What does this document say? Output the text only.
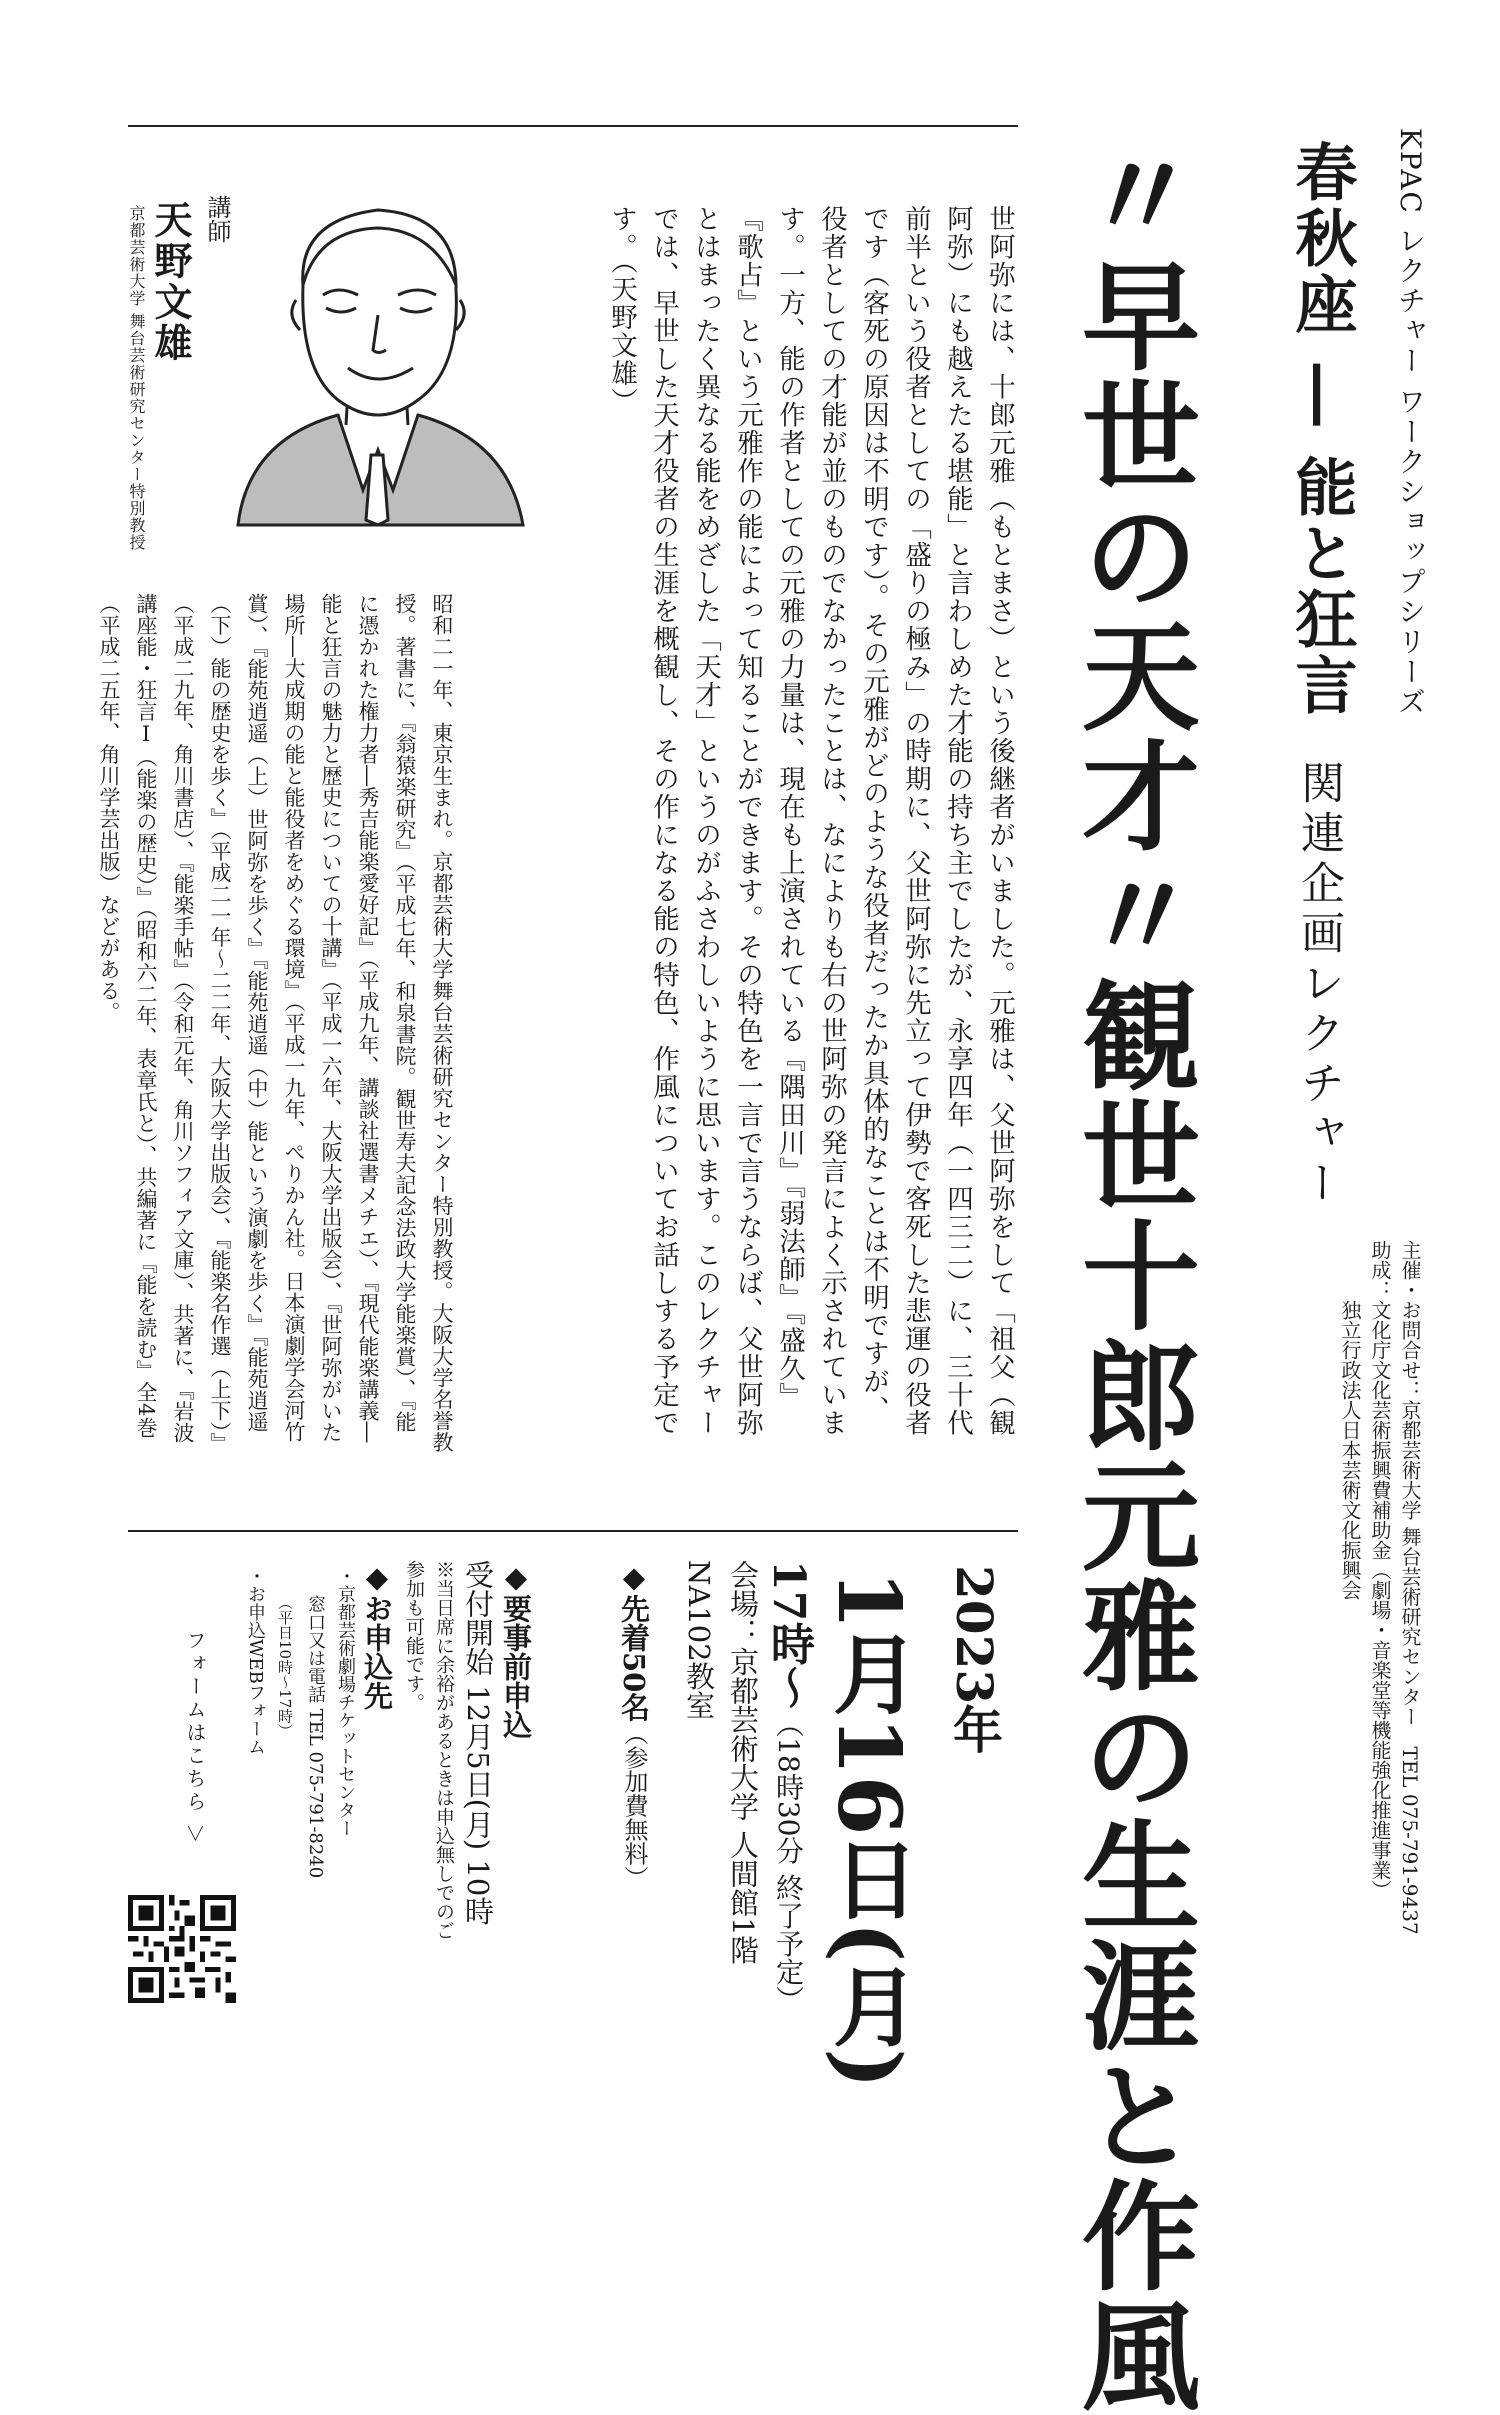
KPAC レクチャー ワークショップシリーズ
春秋座 ― 能と狂言
関連企画レクチャー
〃早世の天才〃観世十郎元雅の生涯と作風	主催・お問合せ：京都芸術大学 舞台芸術研究センター　TEL 075-791-9437
助成：文化庁文化芸術振興費補助金（劇場・音楽堂等機能強化推進事業）
独立行政法人日本芸術文化振興会
2023年
1月16日(月)
17時～（18時30分 終了予定）
会場：京都芸術大学 人間館1階 NA102教室
◆先着50名（参加費無料）
◆要事前申込
受付開始 12月5日(月) 10時
※当日席に余裕があるときは申込無しでのご参加も可能です。
世阿弥には、十郎元雅（もとまさ）という後継者がいました。元雅は、父世阿弥をして「祖父（観阿弥）にも越えたる堪能」と言わしめた才能の持ち主でしたが、永享四年（一四三二）に、三十代前半という役者としての「盛りの極み」の時期に、父世阿弥に先立って伊勢で客死した悲運の役者です（客死の原因は不明です）。その元雅がどのような役者だったか具体的なことは不明ですが、役者としての才能が並のものでなかったことは、なによりも右の世阿弥の発言によく示されています。一方、能の作者としての元雅の力量は、現在も上演されている『隅田川』『弱法師』『盛久』『歌占』という元雅作の能によって知ることができます。その特色を一言で言うならば、父世阿弥とはまったく異なる能をめざした「天才」というのがふさわしいように思います。このレクチャーでは、早世した天才役者の生涯を概観し、その作になる能の特色、作風についてお話しする予定です。（天野文雄）
講師
天野文雄
京都芸術大学 舞台芸術研究センター特別教授
昭和二一年、東京生まれ。京都芸術大学舞台芸術研究センター特別教授。大阪大学名誉教授。著書に、『翁猿楽研究』（平成七年、和泉書院。観世寿夫記念法政大学能楽賞）、『能に憑かれた権力者―秀吉能楽愛好記』（平成九年、講談社選書メチエ）、『現代能楽講義―能と狂言の魅力と歴史についての十講』（平成一六年、大阪大学出版会）、『世阿弥がいた場所―大成期の能と能役者をめぐる環境』（平成一九年、ぺりかん社。日本演劇学会河竹賞）、『能苑逍遥（上）世阿弥を歩く』『能苑逍遥（中）能という演劇を歩く』『能苑逍遥（下）能の歴史を歩く』（平成二一年～二二年、大阪大学出版会）、『能楽名作選（上下）』（平成二九年、角川書店）、『能楽手帖』（令和元年、角川ソフィア文庫）、共著に、『岩波講座能・狂言Ⅰ（能楽の歴史）』（昭和六二年、表章氏と）、共編著に『能を読む』全4巻（平成二五年、角川学芸出版）などがある。
◆お申込先
・京都芸術劇場チケットセンター
窓口又は電話 TEL 075-791-8240
（平日10時～17時）
・お申込WEBフォーム
フォームはこちら ＞
